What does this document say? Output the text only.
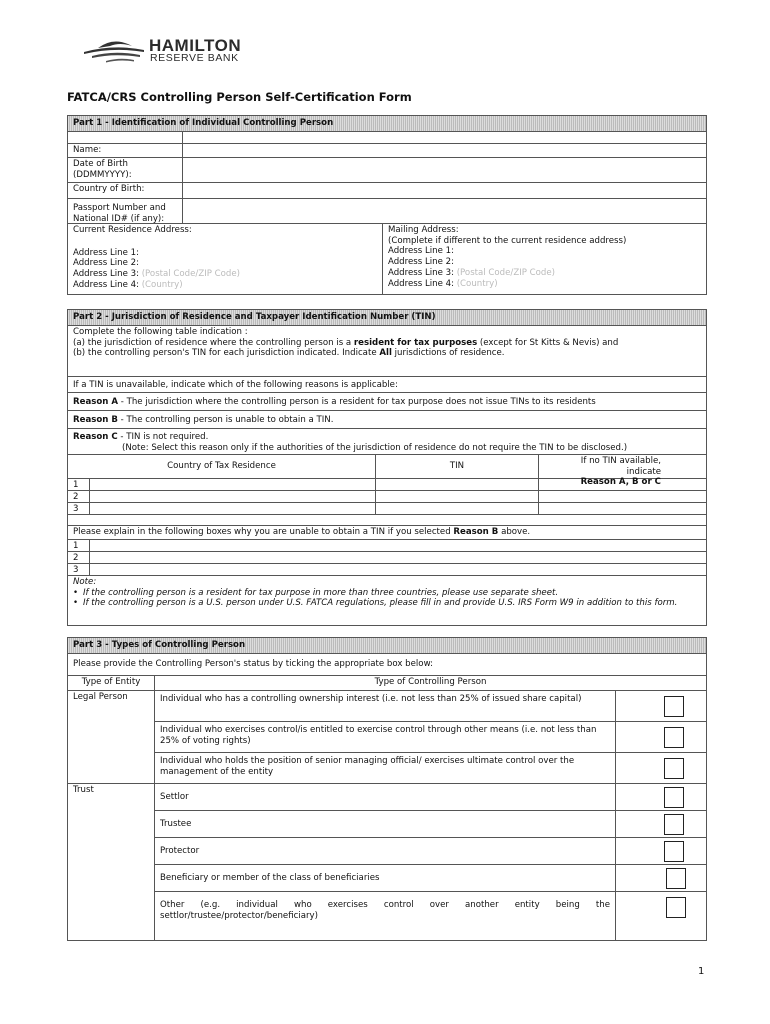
HAMILTON
RESERVE BANK
FATCA/CRS Controlling Person Self-Certification Form
Part 1 - Identification of Individual Controlling Person
Name:
Date of Birth
(DDMMYYYY):
Country of Birth:
Passport Number and
National ID# (if any):
Current Residence Address:
Address Line 1:
Address Line 2:
Address Line 3: (Postal Code/ZIP Code)
Address Line 4: (Country)
Mailing Address:
(Complete if different to the current residence address)
Address Line 1:
Address Line 2:
Address Line 3: (Postal Code/ZIP Code)
Address Line 4: (Country)
Part 2 - Jurisdiction of Residence and Taxpayer Identification Number (TIN)
Complete the following table indication :
(a) the jurisdiction of residence where the controlling person is a resident for tax purposes (except for St Kitts & Nevis) and
(b) the controlling person's TIN for each jurisdiction indicated. Indicate All jurisdictions of residence.
If a TIN is unavailable, indicate which of the following reasons is applicable:
Reason A - The jurisdiction where the controlling person is a resident for tax purpose does not issue TINs to its residents
Reason B - The controlling person is unable to obtain a TIN.
Reason C - TIN is not required.
(Note: Select this reason only if the authorities of the jurisdiction of residence do not require the TIN to be disclosed.)
Country of Tax Residence	TIN	If no TIN available, indicate
Reason A, B or C
1
2
3
Please explain in the following boxes why you are unable to obtain a TIN if you selected Reason B above.
1
2
3
Note:
• If the controlling person is a resident for tax purpose in more than three countries, please use separate sheet.
• If the controlling person is a U.S. person under U.S. FATCA regulations, please fill in and provide U.S. IRS Form W9 in addition to this form.
Part 3 - Types of Controlling Person
Please provide the Controlling Person's status by ticking the appropriate box below:
Type of Entity
Legal Person
Trust
Type of Controlling Person
Individual who has a controlling ownership interest (i.e. not less than 25% of issued share capital)
Individual who exercises control/is entitled to exercise control through other means (i.e. not less than 25% of voting rights)
Individual who holds the position of senior managing official/ exercises ultimate control over the management of the entity
Settlor
Trustee
Protector
Beneficiary or member of the class of beneficiaries
Other (e.g. individual who exercises control over another entity being the settlor/trustee/protector/beneficiary)
1
